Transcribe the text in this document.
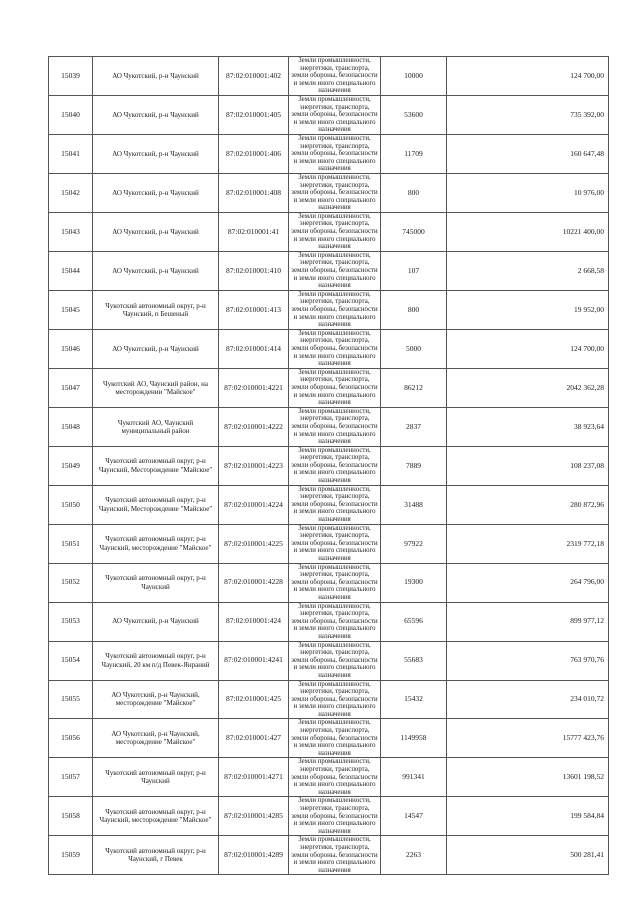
15039	АО Чукотский, р-н Чаунский	87:02:010001:402	Земли промышленности, энергетики, транспорта, земли обороны, безопасности и земли иного специального назначения	10000	124 700,00
15040	АО Чукотский, р-н Чаунский	87:02:010001:405	Земли промышленности, энергетики, транспорта, земли обороны, безопасности и земли иного специального назначения	53600	735 392,00
15041	АО Чукотский, р-н Чаунский	87:02:010001:406	Земли промышленности, энергетики, транспорта, земли обороны, безопасности и земли иного специального назначения	11709	160 647,48
15042	АО Чукотский, р-н Чаунский	87:02:010001:408	Земли промышленности, энергетики, транспорта, земли обороны, безопасности и земли иного специального назначения	800	10 976,00
15043	АО Чукотский, р-н Чаунский	87:02:010001:41	Земли промышленности, энергетики, транспорта, земли обороны, безопасности и земли иного специального назначения	745000	10221 400,00
15044	АО Чукотский, р-н Чаунский	87:02:010001:410	Земли промышленности, энергетики, транспорта, земли обороны, безопасности и земли иного специального назначения	107	2 668,58
15045	Чукотский автономный округ, р-н Чаунский, п Бешеный	87:02:010001:413	Земли промышленности, энергетики, транспорта, земли обороны, безопасности и земли иного специального назначения	800	19 952,00
15046	АО Чукотский, р-н Чаунский	87:02:010001:414	Земли промышленности, энергетики, транспорта, земли обороны, безопасности и земли иного специального назначения	5000	124 700,00
15047	Чукотский АО, Чаунский район, на месторождении "Майское"	87:02:010001:4221	Земли промышленности, энергетики, транспорта, земли обороны, безопасности и земли иного специального назначения	86212	2042 362,28
15048	Чукотский АО, Чаунский муниципальный район	87:02:010001:4222	Земли промышленности, энергетики, транспорта, земли обороны, безопасности и земли иного специального назначения	2837	38 923,64
15049	Чукотский автономный округ, р-н Чаунский, Месторождение "Майское"	87:02:010001:4223	Земли промышленности, энергетики, транспорта, земли обороны, безопасности и земли иного специального назначения	7889	108 237,08
15050	Чукотский автономный округ, р-н Чаунский, Месторождение "Майское"	87:02:010001:4224	Земли промышленности, энергетики, транспорта, земли обороны, безопасности и земли иного специального назначения	31488	280 872,96
15051	Чукотский автономный округ, р-н Чаунский, месторождение "Майское"	87:02:010001:4225	Земли промышленности, энергетики, транспорта, земли обороны, безопасности и земли иного специального назначения	97922	2319 772,18
15052	Чукотский автономный округ, р-н Чаунский	87:02:010001:4228	Земли промышленности, энергетики, транспорта, земли обороны, безопасности и земли иного специального назначения	19300	264 796,00
15053	АО Чукотский, р-н Чаунский	87:02:010001:424	Земли промышленности, энергетики, транспорта, земли обороны, безопасности и земли иного специального назначения	65596	899 977,12
15054	Чукотский автономный округ, р-н Чаунский, 20 км п/д Певек-Янраний	87:02:010001:4241	Земли промышленности, энергетики, транспорта, земли обороны, безопасности и земли иного специального назначения	55683	763 970,76
15055	АО Чукотский, р-н Чаунский, месторождение "Майское"	87:02:010001:425	Земли промышленности, энергетики, транспорта, земли обороны, безопасности и земли иного специального назначения	15432	234 010,72
15056	АО Чукотский, р-н Чаунский, месторождение "Майское"	87:02:010001:427	Земли промышленности, энергетики, транспорта, земли обороны, безопасности и земли иного специального назначения	1149958	15777 423,76
15057	Чукотский автономный округ, р-н Чаунский	87:02:010001:4271	Земли промышленности, энергетики, транспорта, земли обороны, безопасности и земли иного специального назначения	991341	13601 198,52
15058	Чукотский автономный округ, р-н Чаунский, месторождение "Майское"	87:02:010001:4285	Земли промышленности, энергетики, транспорта, земли обороны, безопасности и земли иного специального назначения	14547	199 584,84
15059	Чукотский автономный округ, р-н Чаунский, г Певек	87:02:010001:4289	Земли промышленности, энергетики, транспорта, земли обороны, безопасности и земли иного специального назначения	2263	500 281,41
